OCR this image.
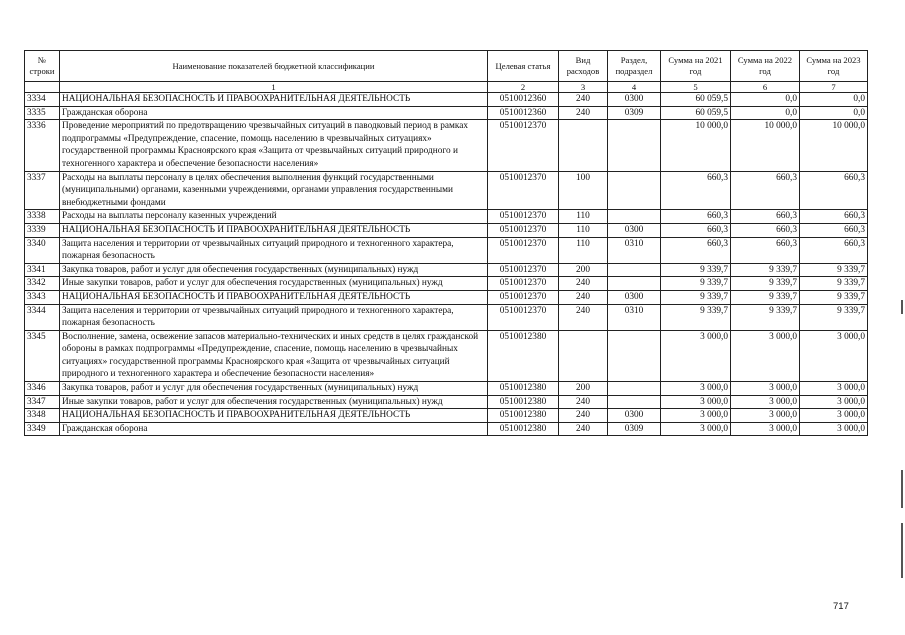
№ строки	Наименование показателей бюджетной классификации	Целевая статья	Вид расходов	Раздел, подраздел	Сумма на 2021 год	Сумма на 2022 год	Сумма на 2023 год
	1	2	3	4	5	6	7
3334	НАЦИОНАЛЬНАЯ БЕЗОПАСНОСТЬ И ПРАВООХРАНИТЕЛЬНАЯ ДЕЯТЕЛЬНОСТЬ	0510012360	240	0300	60 059,5	0,0	0,0
3335	Гражданская оборона	0510012360	240	0309	60 059,5	0,0	0,0
3336	Проведение мероприятий по предотвращению чрезвычайных ситуаций в паводковый период в рамках подпрограммы «Предупреждение, спасение, помощь населению в чрезвычайных ситуациях» государственной программы Красноярского края «Защита от чрезвычайных ситуаций природного и техногенного характера и обеспечение безопасности населения»	0510012370			10 000,0	10 000,0	10 000,0
3337	Расходы на выплаты персоналу в целях обеспечения выполнения функций государственными (муниципальными) органами, казенными учреждениями, органами управления государственными внебюджетными фондами	0510012370	100		660,3	660,3	660,3
3338	Расходы на выплаты персоналу казенных учреждений	0510012370	110		660,3	660,3	660,3
3339	НАЦИОНАЛЬНАЯ БЕЗОПАСНОСТЬ И ПРАВООХРАНИТЕЛЬНАЯ ДЕЯТЕЛЬНОСТЬ	0510012370	110	0300	660,3	660,3	660,3
3340	Защита населения и территории от чрезвычайных ситуаций природного и техногенного характера, пожарная безопасность	0510012370	110	0310	660,3	660,3	660,3
3341	Закупка товаров, работ и услуг для обеспечения государственных (муниципальных) нужд	0510012370	200		9 339,7	9 339,7	9 339,7
3342	Иные закупки товаров, работ и услуг для обеспечения государственных (муниципальных) нужд	0510012370	240		9 339,7	9 339,7	9 339,7
3343	НАЦИОНАЛЬНАЯ БЕЗОПАСНОСТЬ И ПРАВООХРАНИТЕЛЬНАЯ ДЕЯТЕЛЬНОСТЬ	0510012370	240	0300	9 339,7	9 339,7	9 339,7
3344	Защита населения и территории от чрезвычайных ситуаций природного и техногенного характера, пожарная безопасность	0510012370	240	0310	9 339,7	9 339,7	9 339,7
3345	Восполнение, замена, освежение запасов материально-технических и иных средств в целях гражданской обороны в рамках подпрограммы «Предупреждение, спасение, помощь населению в чрезвычайных ситуациях» государственной программы Красноярского края «Защита от чрезвычайных ситуаций природного и техногенного характера и обеспечение безопасности населения»	0510012380			3 000,0	3 000,0	3 000,0
3346	Закупка товаров, работ и услуг для обеспечения государственных (муниципальных) нужд	0510012380	200		3 000,0	3 000,0	3 000,0
3347	Иные закупки товаров, работ и услуг для обеспечения государственных (муниципальных) нужд	0510012380	240		3 000,0	3 000,0	3 000,0
3348	НАЦИОНАЛЬНАЯ БЕЗОПАСНОСТЬ И ПРАВООХРАНИТЕЛЬНАЯ ДЕЯТЕЛЬНОСТЬ	0510012380	240	0300	3 000,0	3 000,0	3 000,0
3349	Гражданская оборона	0510012380	240	0309	3 000,0	3 000,0	3 000,0
717
